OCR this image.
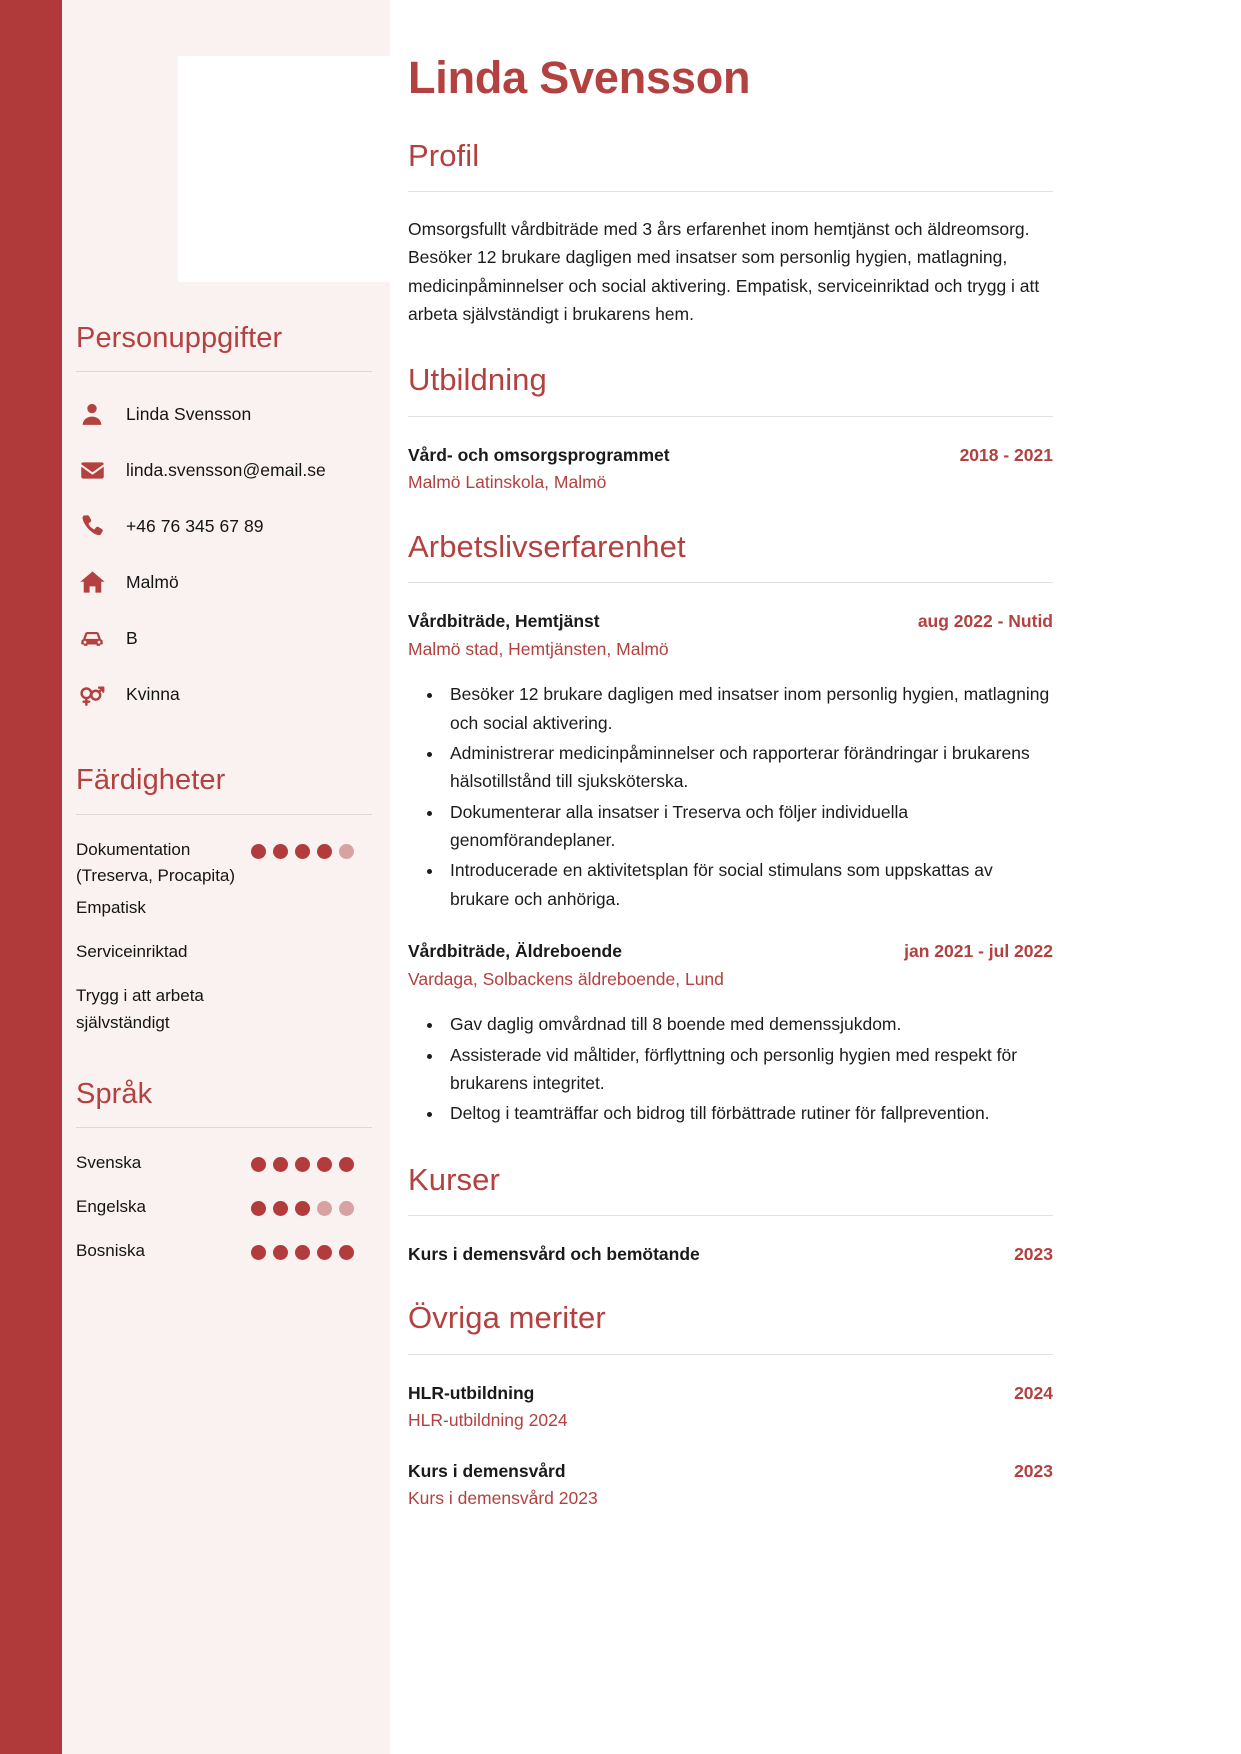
Personuppgifter
Linda Svensson
linda.svensson@email.se
+46 76 345 67 89
Malmö
B
Kvinna
Färdigheter
Dokumentation (Treserva, Procapita)
Empatisk
Serviceinriktad
Trygg i att arbeta självständigt
Språk
Svenska
Engelska
Bosniska
Linda Svensson
Profil

Omsorgsfullt vårdbiträde med 3 års erfarenhet inom hemtjänst och äldreomsorg. Besöker 12 brukare dagligen med insatser som personlig hygien, matlagning, medicinpåminnelser och social aktivering. Empatisk, serviceinriktad och trygg i att arbeta självständigt i brukarens hem.

Utbildning
Vård- och omsorgsprogrammet	2018 - 2021
Malmö Latinskola, Malmö
Arbetslivserfarenhet
Vårdbiträde, Hemtjänst	aug 2022 - Nutid
Malmö stad, Hemtjänsten, Malmö
• Besöker 12 brukare dagligen med insatser inom personlig hygien, matlagning och social aktivering.
• Administrerar medicinpåminnelser och rapporterar förändringar i brukarens hälsotillstånd till sjuksköterska.
• Dokumenterar alla insatser i Treserva och följer individuella genomförandeplaner.
• Introducerade en aktivitetsplan för social stimulans som uppskattas av brukare och anhöriga.
Vårdbiträde, Äldreboende	jan 2021 - jul 2022
Vardaga, Solbackens äldreboende, Lund
• Gav daglig omvårdnad till 8 boende med demenssjukdom.
• Assisterade vid måltider, förflyttning och personlig hygien med respekt för brukarens integritet.
• Deltog i teamträffar och bidrog till förbättrade rutiner för fallprevention.
Kurser
Kurs i demensvård och bemötande	2023
Övriga meriter
HLR-utbildning	2024
HLR-utbildning 2024
Kurs i demensvård	2023
Kurs i demensvård 2023
